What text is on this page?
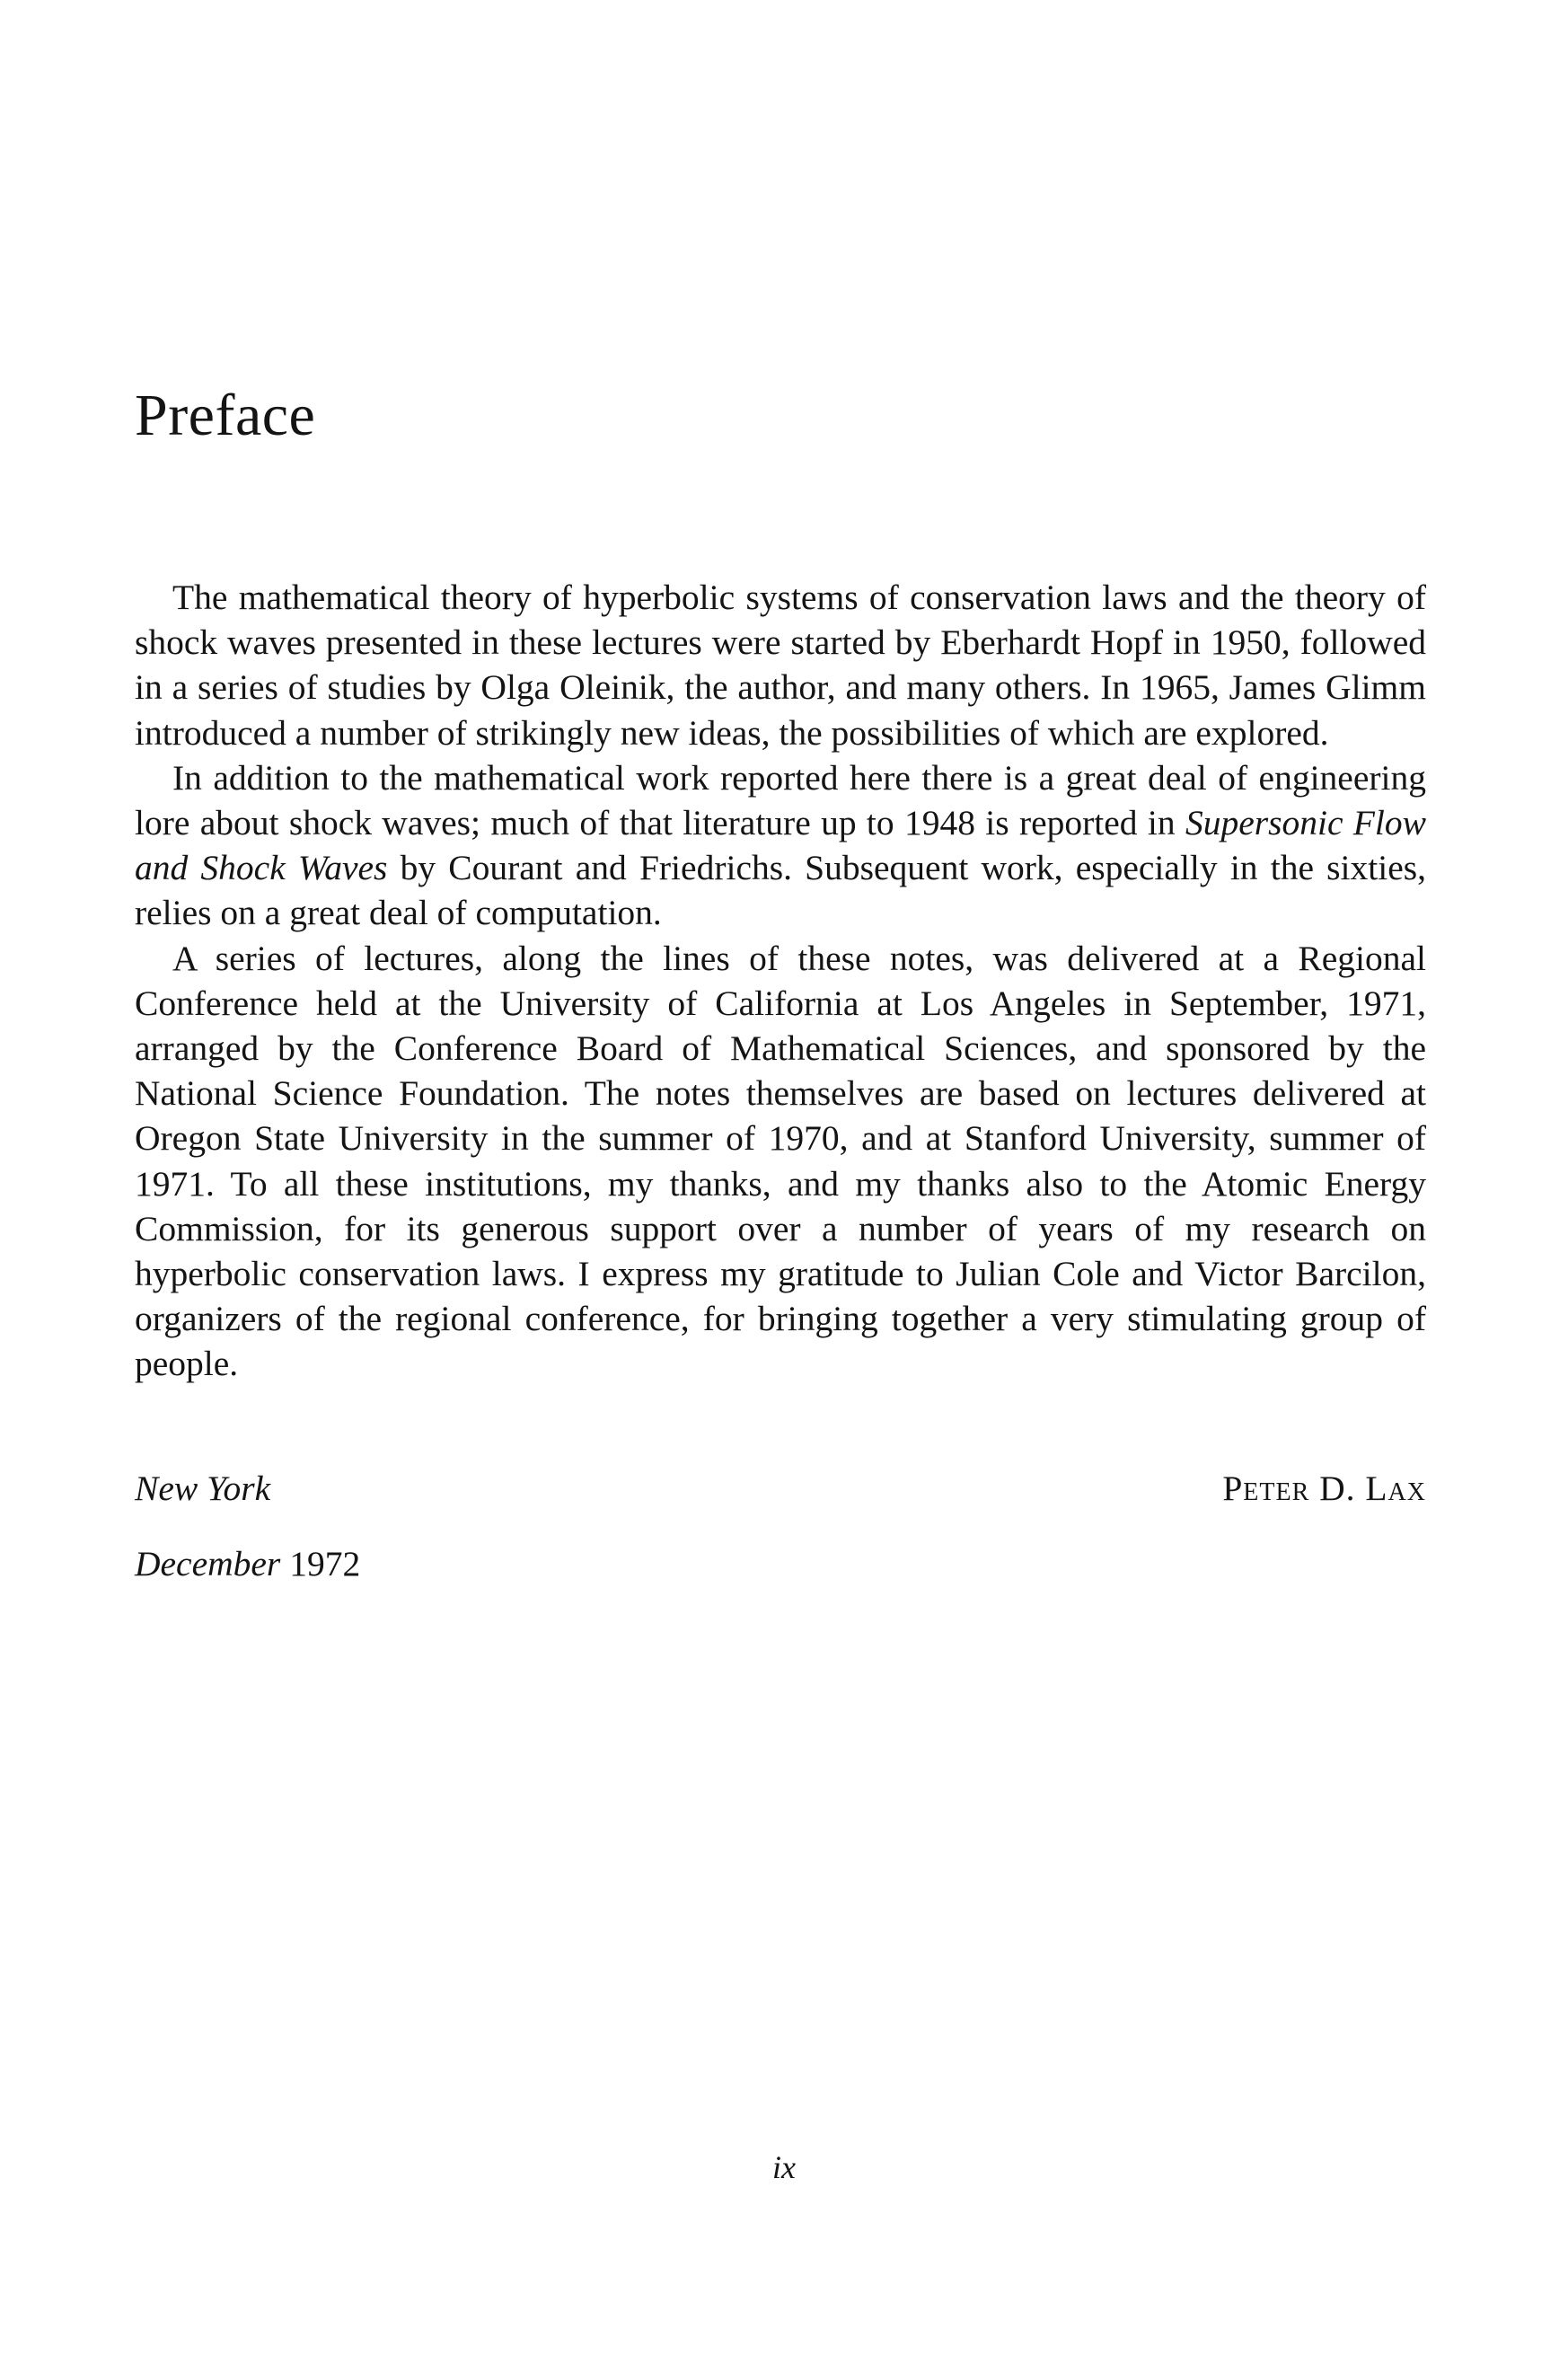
Preface

The mathematical theory of hyperbolic systems of conservation laws and the theory of shock waves presented in these lectures were started by Eberhardt Hopf in 1950, followed in a series of studies by Olga Oleinik, the author, and many others. In 1965, James Glimm introduced a number of strikingly new ideas, the possibilities of which are explored.

In addition to the mathematical work reported here there is a great deal of engineering lore about shock waves; much of that literature up to 1948 is reported in Supersonic Flow and Shock Waves by Courant and Friedrichs. Subsequent work, especially in the sixties, relies on a great deal of computation.

A series of lectures, along the lines of these notes, was delivered at a Regional Conference held at the University of California at Los Angeles in September, 1971, arranged by the Conference Board of Mathematical Sciences, and sponsored by the National Science Foundation. The notes themselves are based on lectures delivered at Oregon State University in the summer of 1970, and at Stanford University, summer of 1971. To all these institutions, my thanks, and my thanks also to the Atomic Energy Commission, for its generous support over a number of years of my research on hyperbolic conservation laws. I express my gratitude to Julian Cole and Victor Barcilon, organizers of the regional conference, for bringing together a very stimulating group of people.

New York	Peter D. Lax
December 1972
ix
